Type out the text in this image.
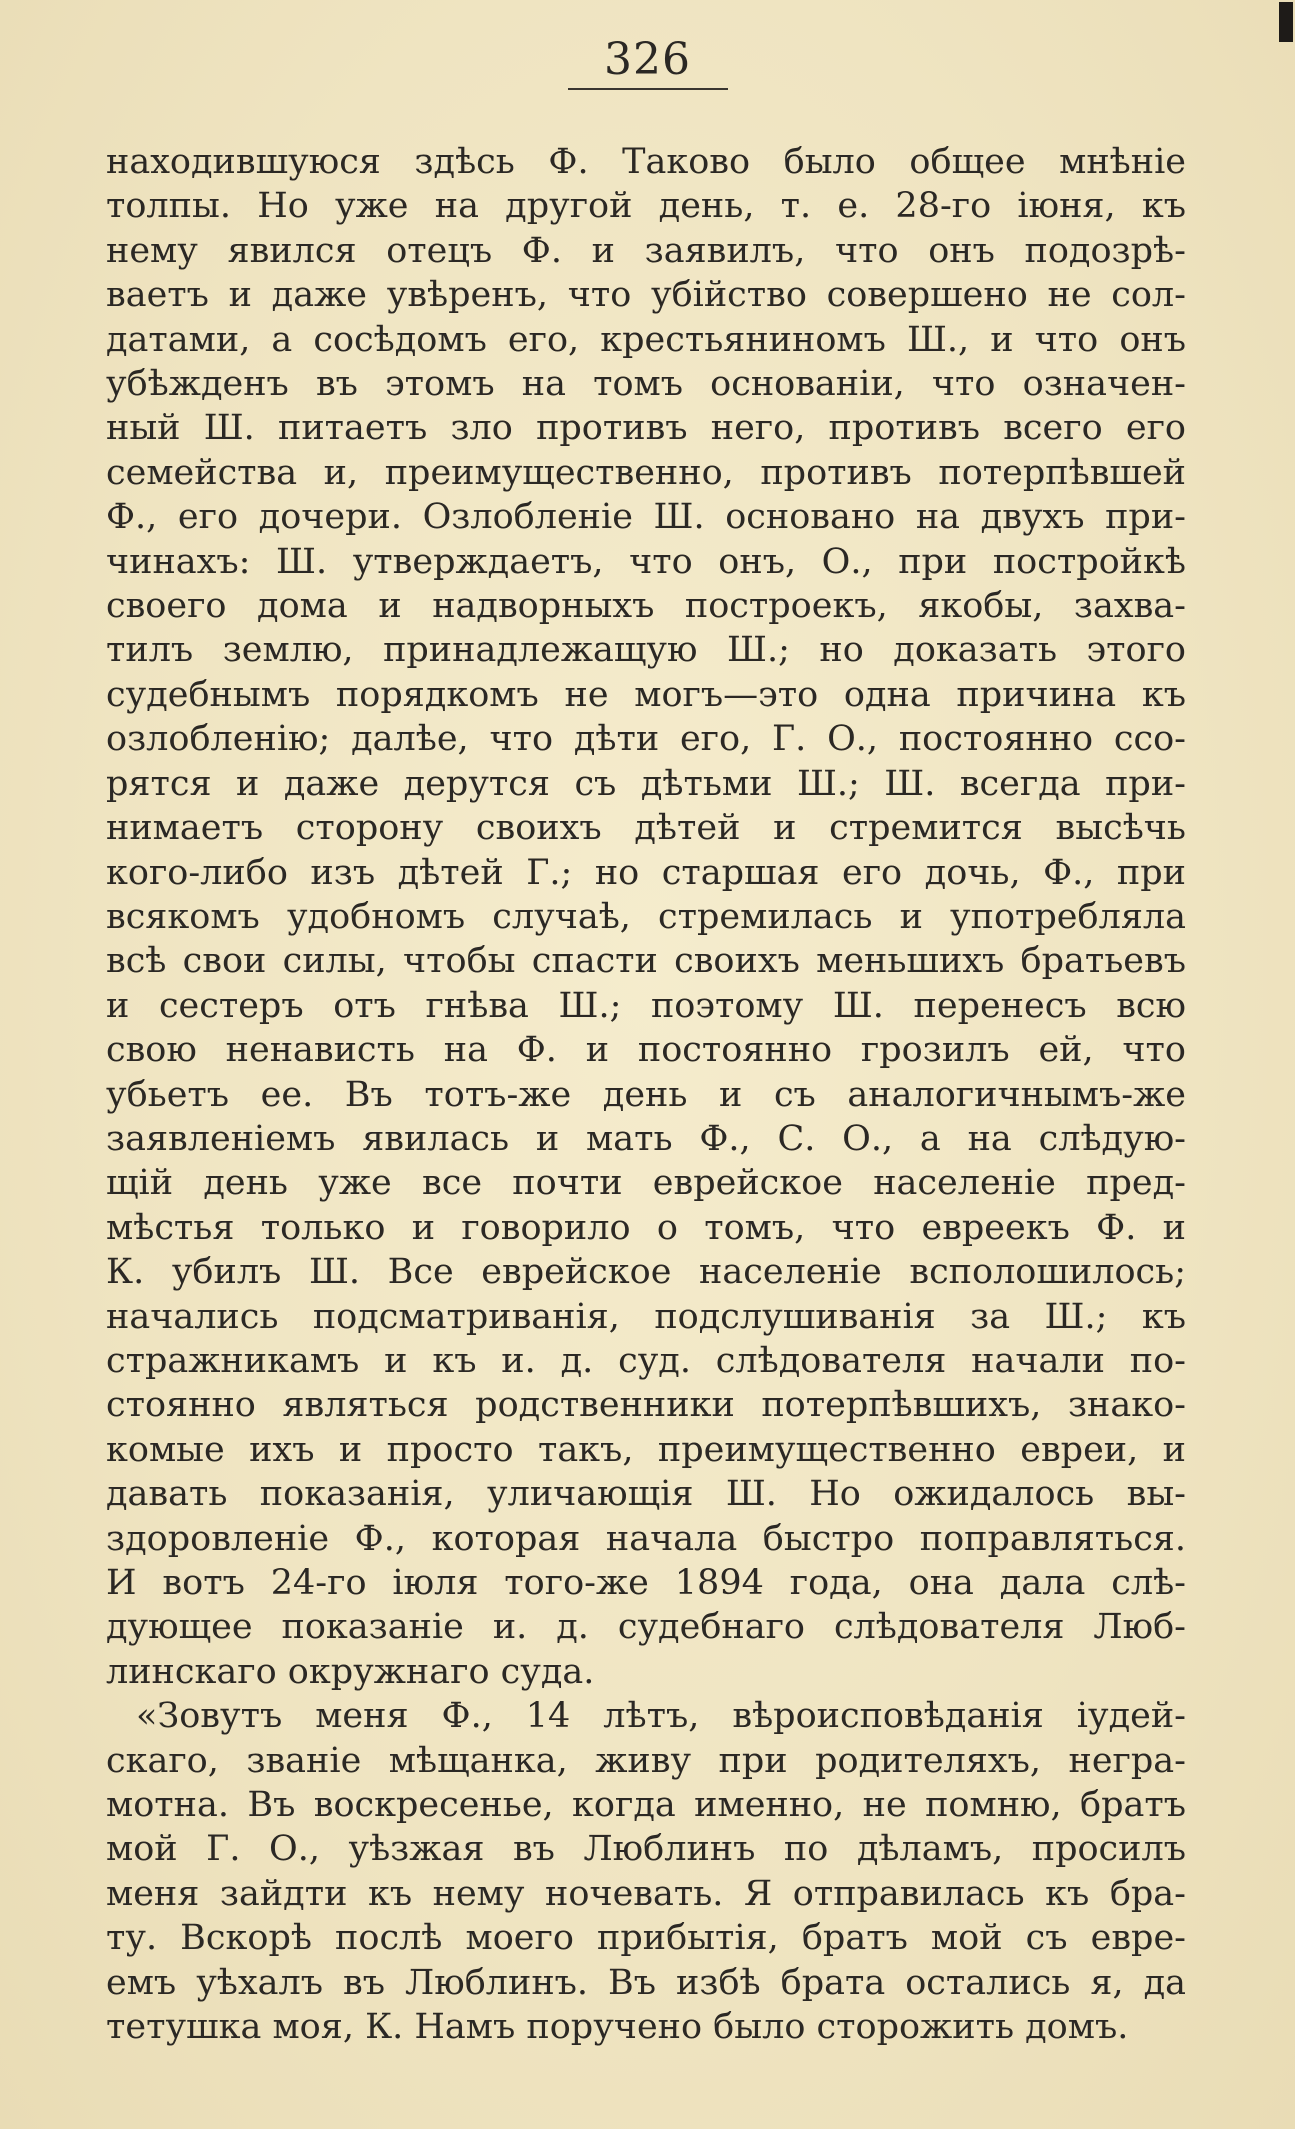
326
находившуюся здѣсь Ф. Таково было общее мнѣніе
толпы. Но уже на другой день, т. е. 28-го іюня, къ
нему явился отецъ Ф. и заявилъ, что онъ подозрѣ-
ваетъ и даже увѣренъ, что убійство совершено не сол-
датами, а сосѣдомъ его, крестьяниномъ Ш., и что онъ
убѣжденъ въ этомъ на томъ основаніи, что означен-
ный Ш. питаетъ зло противъ него, противъ всего его
семейства и, преимущественно, противъ потерпѣвшей
Ф., его дочери. Озлобленіе Ш. основано на двухъ при-
чинахъ: Ш. утверждаетъ, что онъ, О., при постройкѣ
своего дома и надворныхъ построекъ, якобы, захва-
тилъ землю, принадлежащую Ш.; но доказать этого
судебнымъ порядкомъ не могъ—это одна причина къ
озлобленію; далѣе, что дѣти его, Г. О., постоянно ссо-
рятся и даже дерутся съ дѣтьми Ш.; Ш. всегда при-
нимаетъ сторону своихъ дѣтей и стремится высѣчь
кого-либо изъ дѣтей Г.; но старшая его дочь, Ф., при
всякомъ удобномъ случаѣ, стремилась и употребляла
всѣ свои силы, чтобы спасти своихъ меньшихъ братьевъ
и сестеръ отъ гнѣва Ш.; поэтому Ш. перенесъ всю
свою ненависть на Ф. и постоянно грозилъ ей, что
убьетъ ее. Въ тотъ-же день и съ аналогичнымъ-же
заявленіемъ явилась и мать Ф., С. О., а на слѣдую-
щій день уже все почти еврейское населеніе пред-
мѣстья только и говорило о томъ, что евреекъ Ф. и
К. убилъ Ш. Все еврейское населеніе всполошилось;
начались подсматриванія, подслушиванія за Ш.; къ
стражникамъ и къ и. д. суд. слѣдователя начали по-
стоянно являться родственники потерпѣвшихъ, знако-
комые ихъ и просто такъ, преимущественно евреи, и
давать показанія, уличающія Ш. Но ожидалось вы-
здоровленіе Ф., которая начала быстро поправляться.
И вотъ 24-го іюля того-же 1894 года, она дала слѣ-
дующее показаніе и. д. судебнаго слѣдователя Люб-
линскаго окружнаго суда.
«Зовутъ меня Ф., 14 лѣтъ, вѣроисповѣданія іудей-
скаго, званіе мѣщанка, живу при родителяхъ, негра-
мотна. Въ воскресенье, когда именно, не помню, братъ
мой Г. О., уѣзжая въ Люблинъ по дѣламъ, просилъ
меня зайдти къ нему ночевать. Я отправилась къ бра-
ту. Вскорѣ послѣ моего прибытія, братъ мой съ евре-
емъ уѣхалъ въ Люблинъ. Въ избѣ брата остались я, да
тетушка моя, К. Намъ поручено было сторожить домъ.
